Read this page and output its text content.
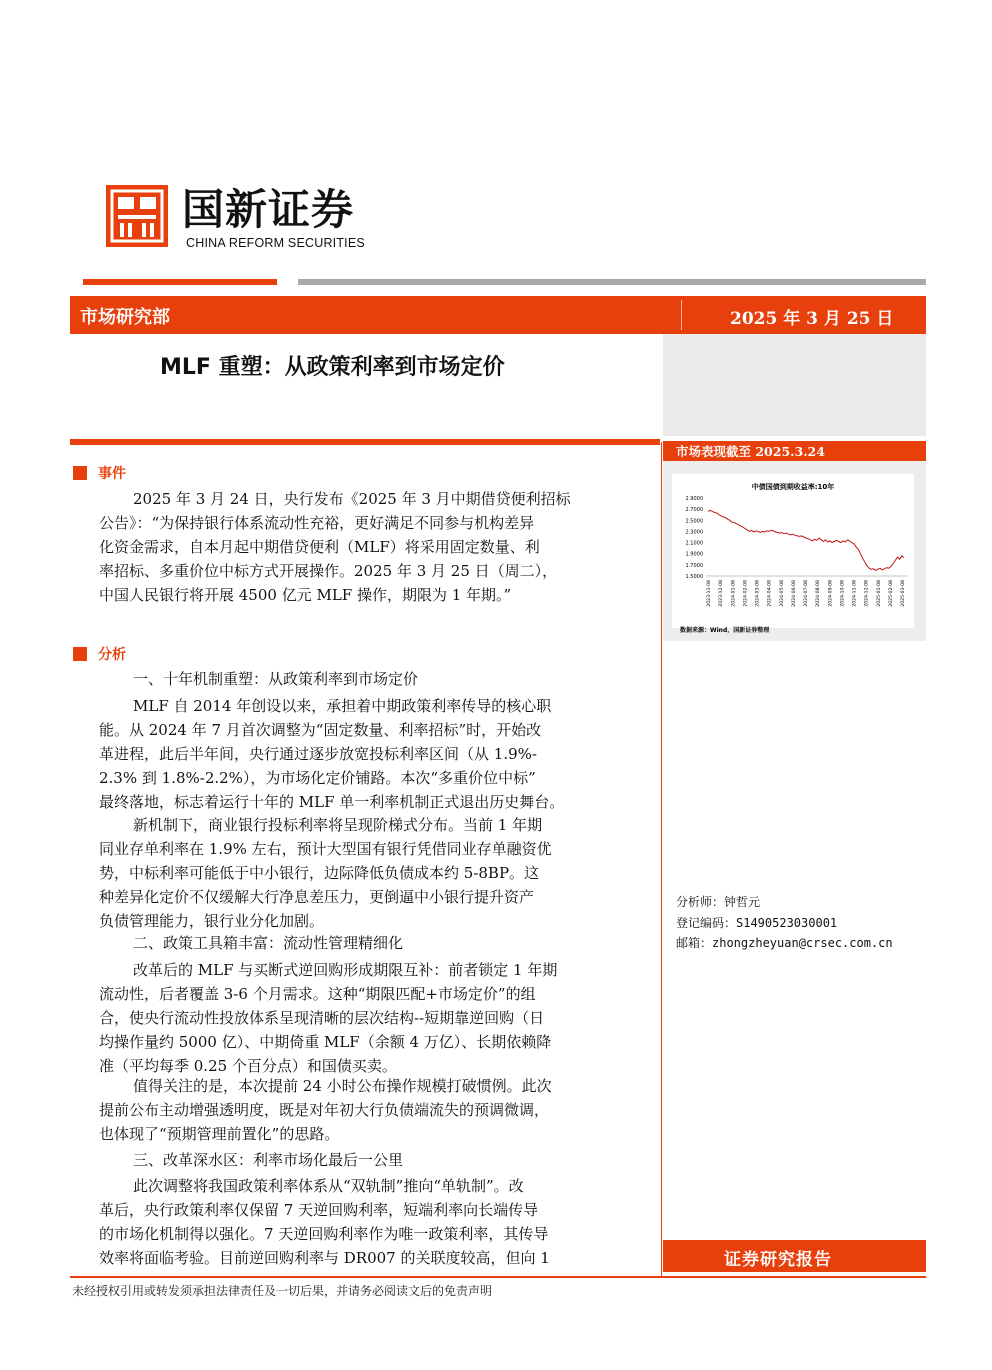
国新证券
CHINA REFORM SECURITIES
市场研究部	2025 年 3 月 25 日
MLF 重塑：从政策利率到市场定价
市场表现截至 2025.3.24
中债国债到期收益率:10年
2.9000
2.7000
2.5000
2.3000
2.1000
1.9000
1.7000
1.5000
2023-11-08 2023-12-08 2024-01-08 2024-02-08 2024-03-08 2024-04-08 2024-05-08 2024-06-08 2024-07-08 2024-08-08 2024-09-08 2024-10-08 2024-11-08 2024-12-08 2025-01-08 2025-02-08 2025-03-08
数据来源：Wind，国新证券整理
分析师：钟哲元
登记编码：S1490523030001
邮箱：zhongzheyuan@crsec.com.cn
事件
2025 年 3 月 24 日，央行发布《2025 年 3 月中期借贷便利招标
公告》：“为保持银行体系流动性充裕，更好满足不同参与机构差异
化资金需求，自本月起中期借贷便利（MLF）将采用固定数量、利
率招标、多重价位中标方式开展操作。2025 年 3 月 25 日（周二），
中国人民银行将开展 4500 亿元 MLF 操作，期限为 1 年期。”
分析
一、十年机制重塑：从政策利率到市场定价
MLF 自 2014 年创设以来，承担着中期政策利率传导的核心职
能。从 2024 年 7 月首次调整为“固定数量、利率招标”时，开始改
革进程，此后半年间，央行通过逐步放宽投标利率区间（从 1.9%-
2.3% 到 1.8%-2.2%），为市场化定价铺路。本次“多重价位中标”
最终落地，标志着运行十年的 MLF 单一利率机制正式退出历史舞台。
新机制下，商业银行投标利率将呈现阶梯式分布。当前 1 年期
同业存单利率在 1.9% 左右，预计大型国有银行凭借同业存单融资优
势，中标利率可能低于中小银行，边际降低负债成本约 5-8BP。这
种差异化定价不仅缓解大行净息差压力，更倒逼中小银行提升资产
负债管理能力，银行业分化加剧。
二、政策工具箱丰富：流动性管理精细化
改革后的 MLF 与买断式逆回购形成期限互补：前者锁定 1 年期
流动性，后者覆盖 3-6 个月需求。这种“期限匹配+市场定价”的组
合，使央行流动性投放体系呈现清晰的层次结构--短期靠逆回购（日
均操作量约 5000 亿）、中期倚重 MLF（余额 4 万亿）、长期依赖降
准（平均每季 0.25 个百分点）和国债买卖。
值得关注的是，本次提前 24 小时公布操作规模打破惯例。此次
提前公布主动增强透明度，既是对年初大行负债端流失的预调微调，
也体现了“预期管理前置化”的思路。
三、改革深水区：利率市场化最后一公里
此次调整将我国政策利率体系从“双轨制”推向“单轨制”。改
革后，央行政策利率仅保留 7 天逆回购利率，短端利率向长端传导
的市场化机制得以强化。7 天逆回购利率作为唯一政策利率，其传导
效率将面临考验。目前逆回购利率与 DR007 的关联度较高，但向 1	证券研究报告
未经授权引用或转发须承担法律责任及一切后果，并请务必阅读文后的免责声明
